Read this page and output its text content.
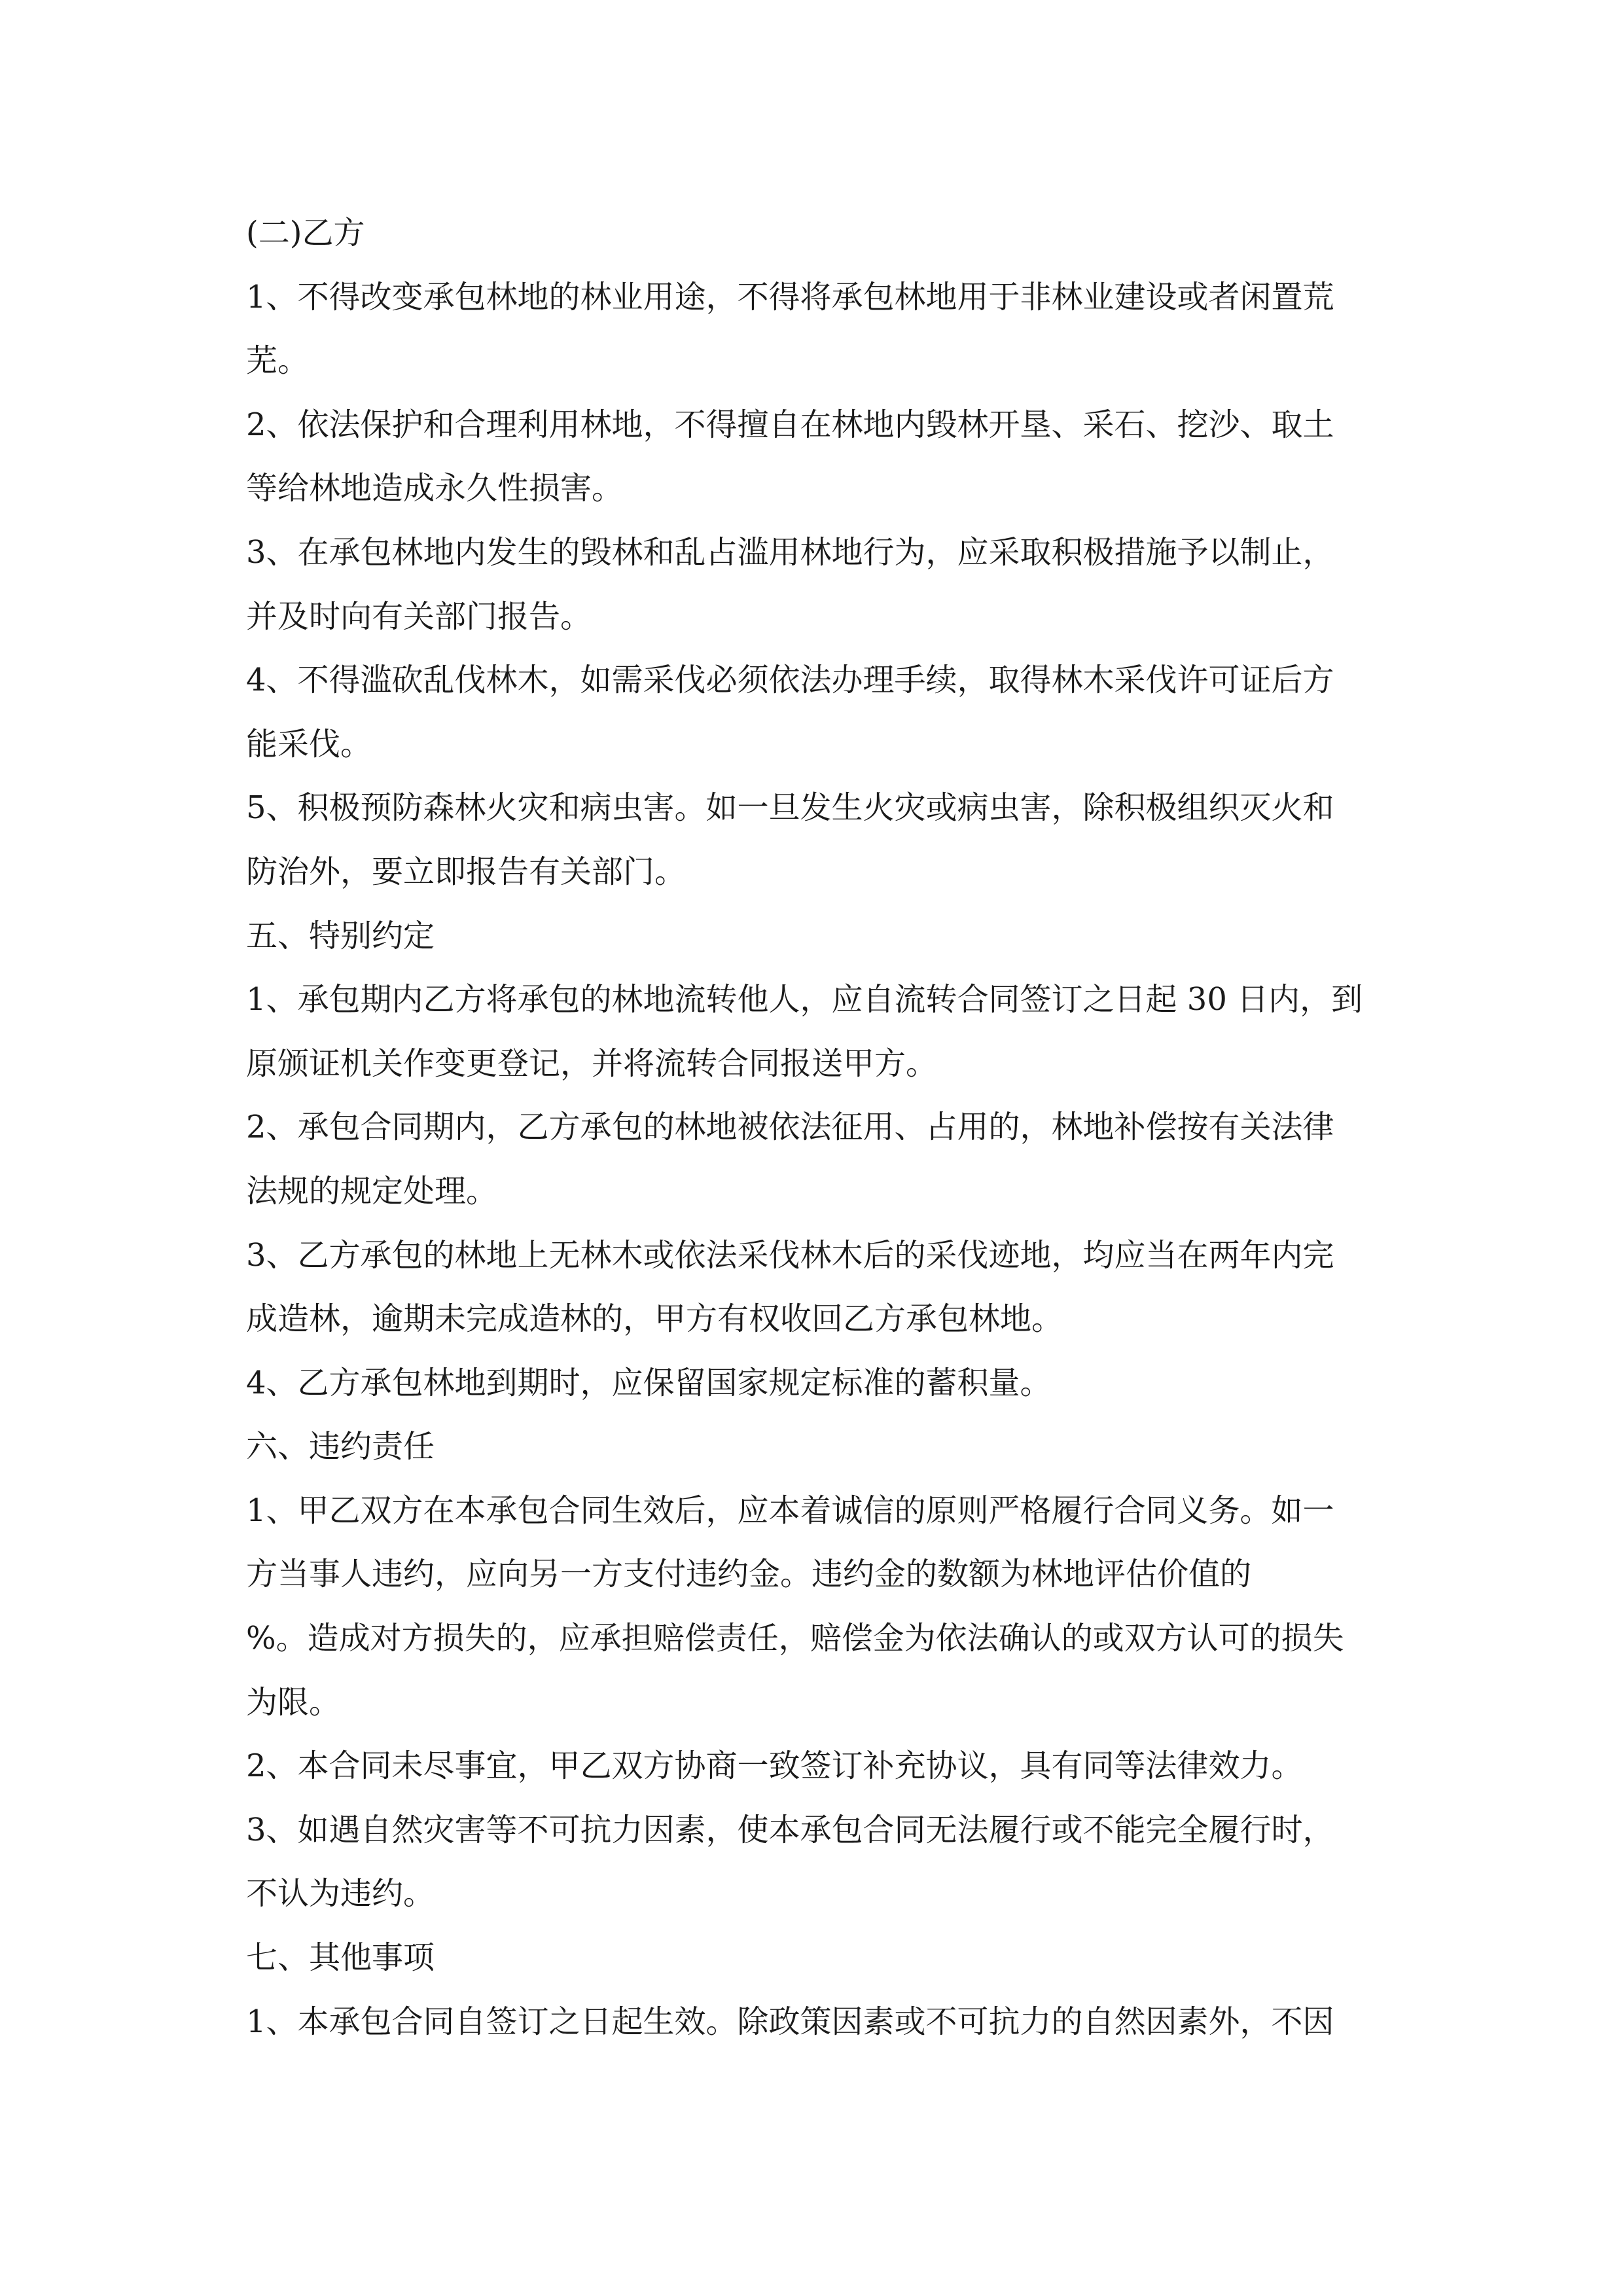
(二)乙方
1、不得改变承包林地的林业用途，不得将承包林地用于非林业建设或者闲置荒
芜。
2、依法保护和合理利用林地，不得擅自在林地内毁林开垦、采石、挖沙、取土
等给林地造成永久性损害。
3、在承包林地内发生的毁林和乱占滥用林地行为，应采取积极措施予以制止，
并及时向有关部门报告。
4、不得滥砍乱伐林木，如需采伐必须依法办理手续，取得林木采伐许可证后方
能采伐。
5、积极预防森林火灾和病虫害。如一旦发生火灾或病虫害，除积极组织灭火和
防治外，要立即报告有关部门。
五、特别约定
1、承包期内乙方将承包的林地流转他人，应自流转合同签订之日起 30 日内，到
原颁证机关作变更登记，并将流转合同报送甲方。
2、承包合同期内，乙方承包的林地被依法征用、占用的，林地补偿按有关法律
法规的规定处理。
3、乙方承包的林地上无林木或依法采伐林木后的采伐迹地，均应当在两年内完
成造林，逾期未完成造林的，甲方有权收回乙方承包林地。
4、乙方承包林地到期时，应保留国家规定标准的蓄积量。
六、违约责任
1、甲乙双方在本承包合同生效后，应本着诚信的原则严格履行合同义务。如一
方当事人违约，应向另一方支付违约金。违约金的数额为林地评估价值的
%。造成对方损失的，应承担赔偿责任，赔偿金为依法确认的或双方认可的损失
为限。
2、本合同未尽事宜，甲乙双方协商一致签订补充协议，具有同等法律效力。
3、如遇自然灾害等不可抗力因素，使本承包合同无法履行或不能完全履行时，
不认为违约。
七、其他事项
1、本承包合同自签订之日起生效。除政策因素或不可抗力的自然因素外，不因
